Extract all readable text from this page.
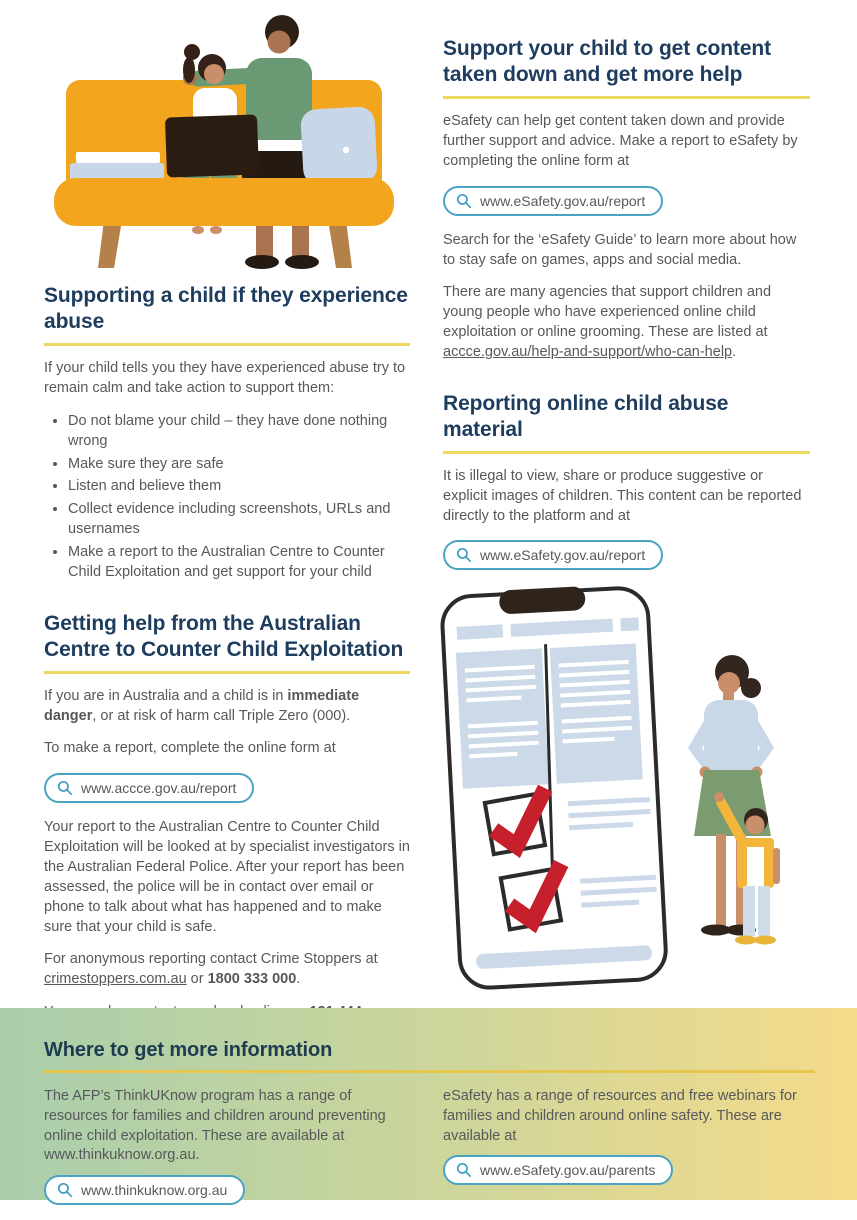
Supporting a child if they experience abuse

If your child tells you they have experienced abuse try to remain calm and take action to support them:

• Do not blame your child – they have done nothing wrong
• Make sure they are safe
• Listen and believe them
• Collect evidence including screenshots, URLs and usernames
• Make a report to the Australian Centre to Counter Child Exploitation and get support for your child
Getting help from the Australian Centre to Counter Child Exploitation

If you are in Australia and a child is in immediate danger, or at risk of harm call Triple Zero (000).

To make a report, complete the online form at

www.accce.gov.au/report

Your report to the Australian Centre to Counter Child Exploitation will be looked at by specialist investigators in the Australian Federal Police. After your report has been assessed, the police will be in contact over email or phone to talk about what has happened and to make sure that your child is safe.

For anonymous reporting contact Crime Stoppers at crimestoppers.com.au or 1800 333 000.

Support your child to get content taken down and get more help

eSafety can help get content taken down and provide further support and advice. Make a report to eSafety by completing the online form at

www.eSafety.gov.au/report

Search for the ‘eSafety Guide’ to learn more about how to stay safe on games, apps and social media.

There are many agencies that support children and young people who have experienced online child exploitation or online grooming. These are listed at accce.gov.au/help-and-support/who-can-help.

Reporting online child abuse material

It is illegal to view, share or produce suggestive or explicit images of children. This content can be reported directly to the platform and at

www.eSafety.gov.au/report
Where to get more information

The AFP’s ThinkUKnow program has a range of resources for families and children around preventing online child exploitation. These are available at www.thinkuknow.org.au.

www.thinkuknow.org.au

eSafety has a range of resources and free webinars for families and children around online safety. These are available at

www.eSafety.gov.au/parents
